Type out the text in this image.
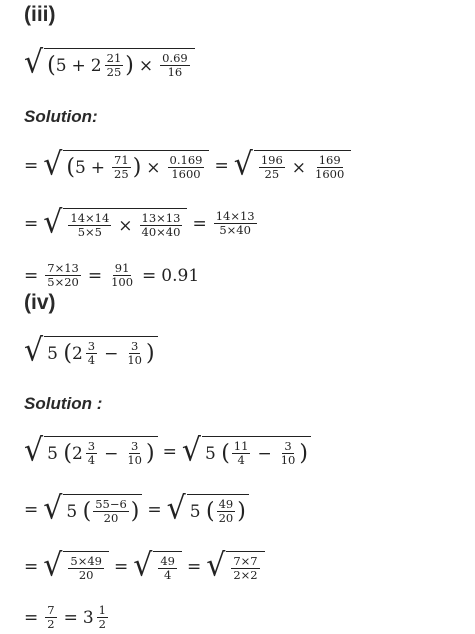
(iii)
√ ( $5 + 2 \frac{21}{25}$ ) × $\frac{0.69}{16}$
Solution:
= √ ( $5 + \frac{71}{25}$ ) × $\frac{0.169}{1600}$ = √ $\frac{196}{25} \times \frac{169}{1600}$
= √ $\frac{14\times 14}{5\times 5} \times \frac{13\times 13}{40\times 40} = \frac{14\times 13}{5\times 40}$
= $\frac{7\times 13}{5\times 20} = \frac{91}{100} = 0.91$
(iv)
√ 5
( $2 \frac{3}{4} - \frac{3}{10}$ )
Solution :
√ 5
( $2 \frac{3}{4} - \frac{3}{10}$ ) = √ 5
( $\frac{11}{4} - \frac{3}{10}$ )
= √ 5
( $\frac{55-6}{20}$ ) = √ 5
( $\frac{49}{20}$ )
= √ $\frac{5\times 49}{20}$ = √ $\frac{49}{4}$ = √ $\frac{7\times 7}{2\times 2}$
= $\frac{7}{2} = 3 \frac{1}{2}$
